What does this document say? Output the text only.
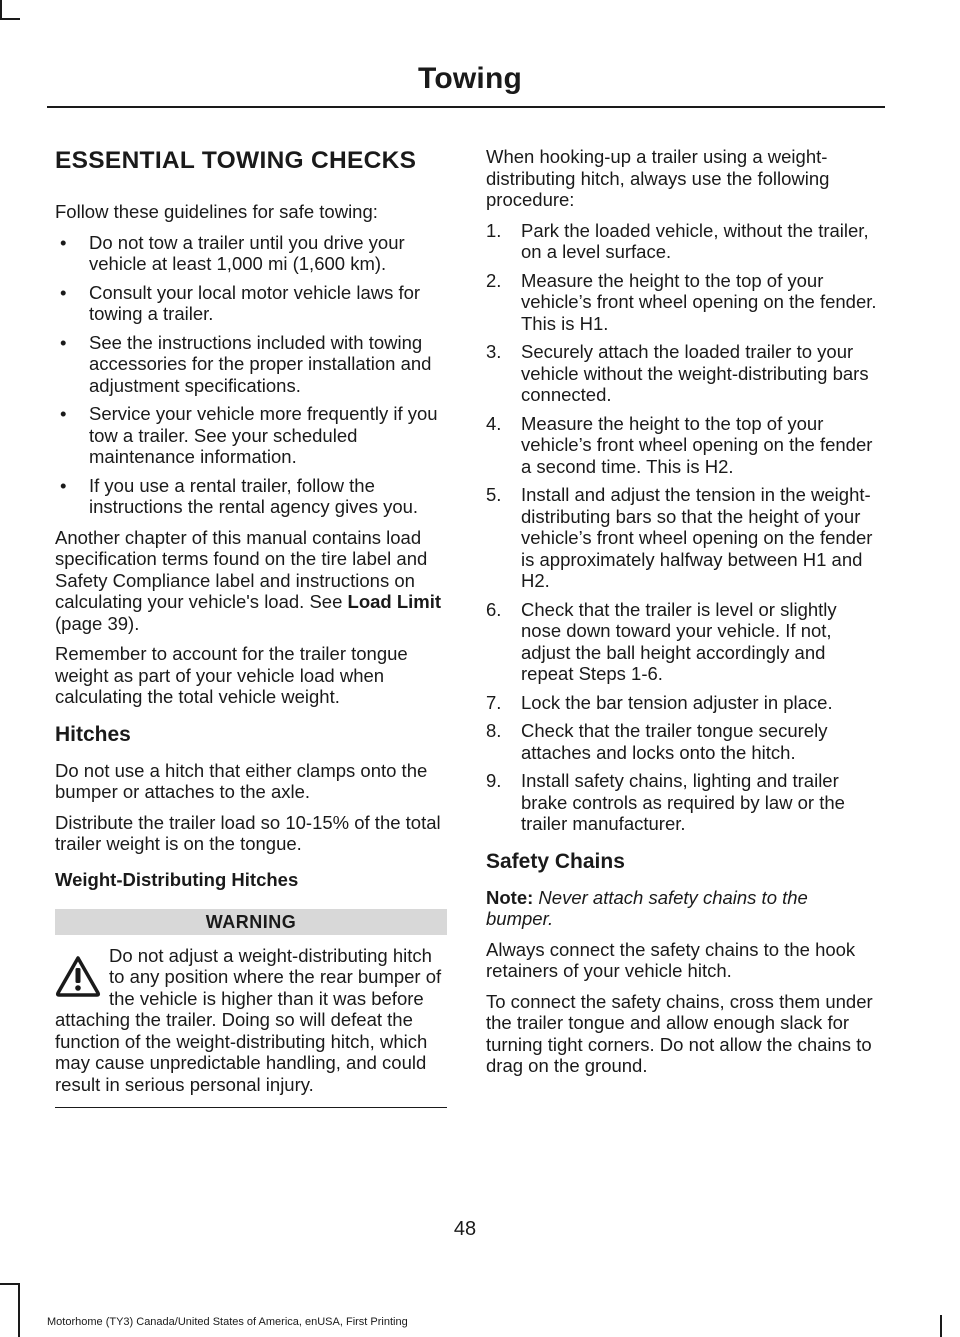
Towing
ESSENTIAL TOWING CHECKS

Follow these guidelines for safe towing:

• Do not tow a trailer until you drive your vehicle at least 1,000 mi (1,600 km).
• Consult your local motor vehicle laws for towing a trailer.
• See the instructions included with towing accessories for the proper installation and adjustment specifications.
• Service your vehicle more frequently if you tow a trailer. See your scheduled maintenance information.
• If you use a rental trailer, follow the instructions the rental agency gives you.

Another chapter of this manual contains load specification terms found on the tire label and Safety Compliance label and instructions on calculating your vehicle's load. See Load Limit (page 39).

Remember to account for the trailer tongue weight as part of your vehicle load when calculating the total vehicle weight.

Hitches

Do not use a hitch that either clamps onto the bumper or attaches to the axle.

Distribute the trailer load so 10-15% of the total trailer weight is on the tongue.

Weight-Distributing Hitches
WARNING

Do not adjust a weight-distributing hitch to any position where the rear bumper of the vehicle is higher than it was before attaching the trailer. Doing so will defeat the function of the weight-distributing hitch, which may cause unpredictable handling, and could result in serious personal injury.

When hooking-up a trailer using a weight-distributing hitch, always use the following procedure:

1. Park the loaded vehicle, without the trailer, on a level surface.
2. Measure the height to the top of your vehicle’s front wheel opening on the fender. This is H1.
3. Securely attach the loaded trailer to your vehicle without the weight-distributing bars connected.
4. Measure the height to the top of your vehicle’s front wheel opening on the fender a second time. This is H2.
5. Install and adjust the tension in the weight-distributing bars so that the height of your vehicle’s front wheel opening on the fender is approximately halfway between H1 and H2.
6. Check that the trailer is level or slightly nose down toward your vehicle. If not, adjust the ball height accordingly and repeat Steps 1-6.
7. Lock the bar tension adjuster in place.
8. Check that the trailer tongue securely attaches and locks onto the hitch.
9. Install safety chains, lighting and trailer brake controls as required by law or the trailer manufacturer.
Safety Chains

Note: Never attach safety chains to the bumper.

Always connect the safety chains to the hook retainers of your vehicle hitch.

To connect the safety chains, cross them under the trailer tongue and allow enough slack for turning tight corners. Do not allow the chains to drag on the ground.

48
Motorhome (TY3) Canada/United States of America, enUSA, First Printing
